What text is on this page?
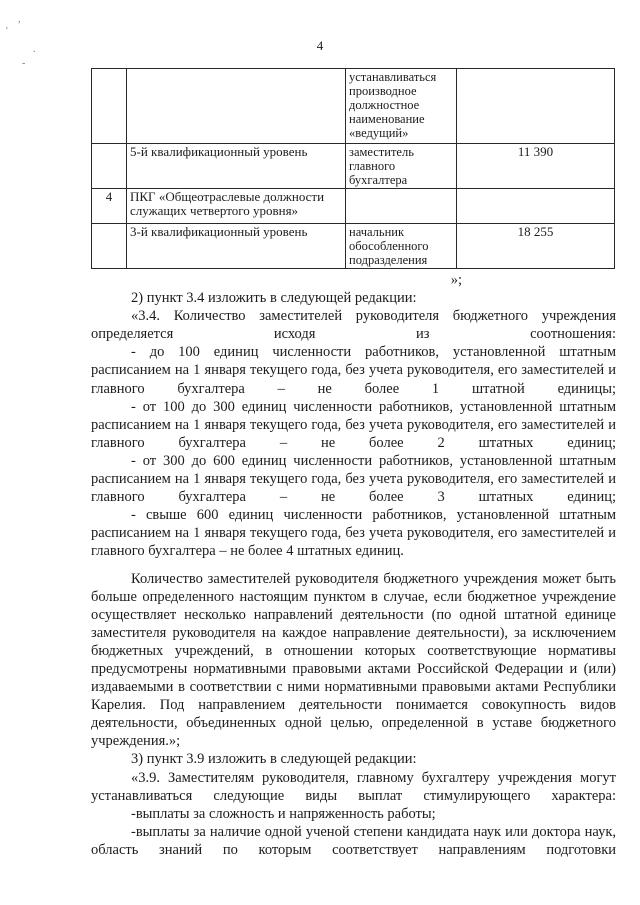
'
,
.
-
4
		устанавливаться производное должностное наименование «ведущий»	
	5-й квалификационный уровень	заместитель главного бухгалтера	11 390
4	ПКГ «Общеотраслевые должности служащих четвертого уровня»		
	3-й квалификационный уровень	начальник обособленного подразделения	18 255

»;

2) пункт 3.4 изложить в следующей редакции:

«3.4. Количество заместителей руководителя бюджетного учреждения определяется исходя из соотношения:

- до 100 единиц численности работников, установленной штатным расписанием на 1 января текущего года, без учета руководителя, его заместителей и главного бухгалтера – не более 1 штатной единицы;

- от 100 до 300 единиц численности работников, установленной штатным расписанием на 1 января текущего года, без учета руководителя, его заместителей и главного бухгалтера – не более 2 штатных единиц;

- от 300 до 600 единиц численности работников, установленной штатным расписанием на 1 января текущего года, без учета руководителя, его заместителей и главного бухгалтера – не более 3 штатных единиц;

- свыше 600 единиц численности работников, установленной штатным расписанием на 1 января текущего года, без учета руководителя, его заместителей и главного бухгалтера – не более 4 штатных единиц.

Количество заместителей руководителя бюджетного учреждения может быть больше определенного настоящим пунктом в случае, если бюджетное учреждение осуществляет несколько направлений деятельности (по одной штатной единице заместителя руководителя на каждое направление деятельности), за исключением бюджетных учреждений, в отношении которых соответствующие нормативы предусмотрены нормативными правовыми актами Российской Федерации и (или) издаваемыми в соответствии с ними нормативными правовыми актами Республики Карелия. Под направлением деятельности понимается совокупность видов деятельности, объединенных одной целью, определенной в уставе бюджетного учреждения.»;

3) пункт 3.9 изложить в следующей редакции:

«3.9. Заместителям руководителя, главному бухгалтеру учреждения могут устанавливаться следующие виды выплат стимулирующего характера:

-выплаты за сложность и напряженность работы;

-выплаты за наличие одной ученой степени кандидата наук или доктора наук, область знаний по которым соответствует направлениям подготовки
